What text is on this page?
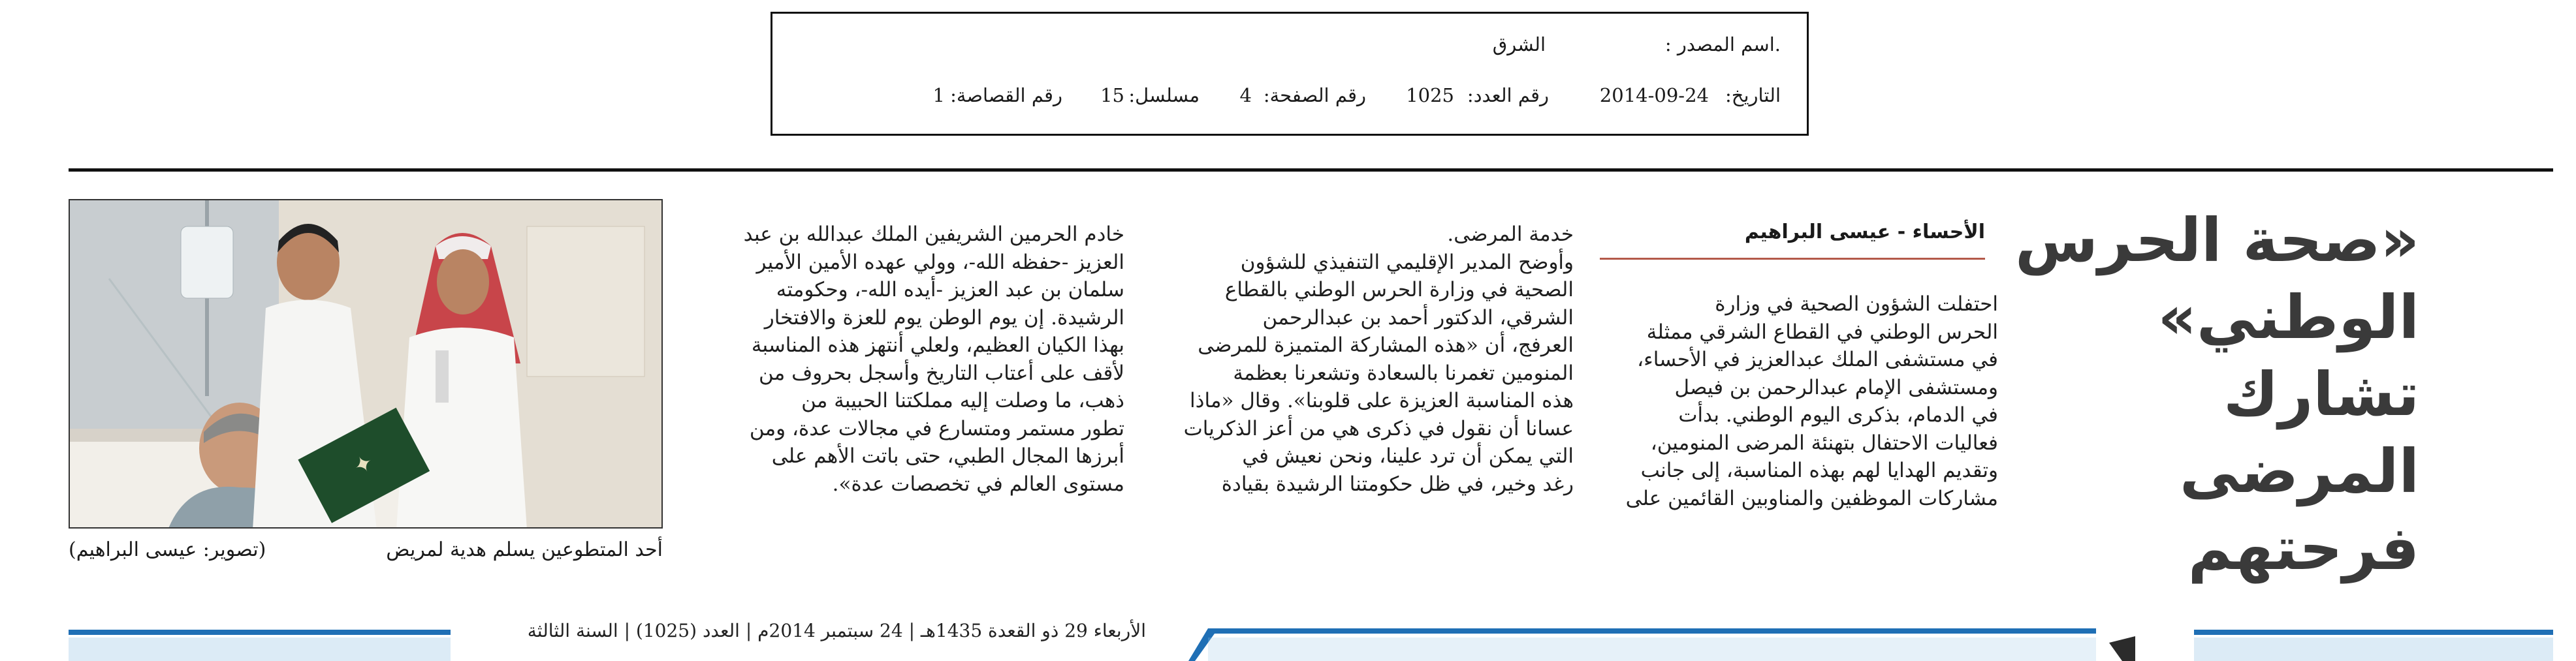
.اسم المصدر :
الشرق
التاريخ:
2014-09-24
رقم العدد:
1025
رقم الصفحة:
4
مسلسل:
15
رقم القصاصة:
1
«صحة الحرس
الوطني»
تشارك
المرضى
فرحتهم
الأحساء - عيسى البراهيم
احتفلت الشؤون الصحية في وزارة
الحرس الوطني في القطاع الشرقي ممثلة
في مستشفى الملك عبدالعزيز في الأحساء،
ومستشفى الإمام عبدالرحمن بن فيصل
في الدمام، بذكرى اليوم الوطني. بدأت
فعاليات الاحتفال بتهنئة المرضى المنومين،
وتقديم الهدايا لهم بهذه المناسبة، إلى جانب
مشاركات الموظفين والمناوبين القائمين على
خدمة المرضى.
وأوضح المدير الإقليمي التنفيذي للشؤون
الصحية في وزارة الحرس الوطني بالقطاع
الشرقي، الدكتور أحمد بن عبدالرحمن
العرفج، أن «هذه المشاركة المتميزة للمرضى
المنومين تغمرنا بالسعادة وتشعرنا بعظمة
هذه المناسبة العزيزة على قلوبنا». وقال «ماذا
عسانا أن نقول في ذكرى هي من أعز الذكريات
التي يمكن أن ترد علينا، ونحن نعيش في
رغد وخير، في ظل حكومتنا الرشيدة بقيادة
خادم الحرمين الشريفين الملك عبدالله بن عبد
العزيز -حفظه الله-، وولي عهده الأمين الأمير
سلمان بن عبد العزيز -أيده الله-، وحكومته
الرشيدة. إن يوم الوطن يوم للعزة والافتخار
بهذا الكيان العظيم، ولعلي أنتهز هذه المناسبة
لأقف على أعتاب التاريخ وأسجل بحروف من
ذهب، ما وصلت إليه مملكتنا الحبيبة من
تطور مستمر ومتسارع في مجالات عدة، ومن
أبرزها المجال الطبي، حتى باتت الأهم على
مستوى العالم في تخصصات عدة».
✦
أحد المتطوعين يسلم هدية لمريض
(تصوير: عيسى البراهيم)
الأربعاء 29 ذو القعدة 1435هـ | 24 سبتمبر 2014م | العدد (1025) | السنة الثالثة
